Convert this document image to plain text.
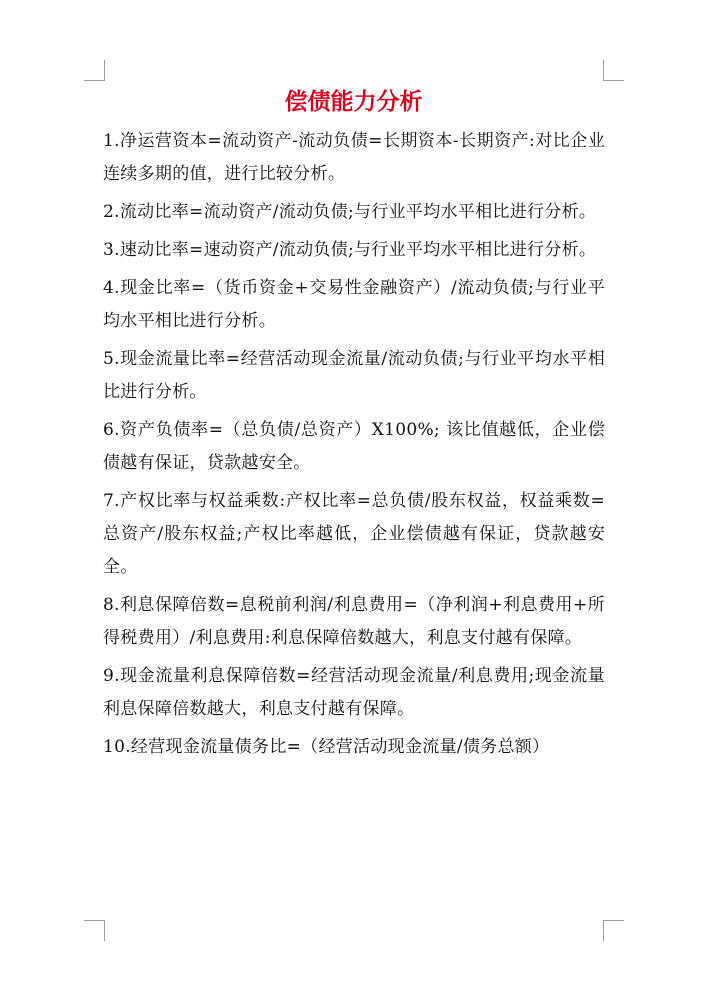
偿债能力分析

1.净运营资本=流动资产-流动负债=长期资本-长期资产:对比企业连续多期的值，进行比较分析。

2.流动比率=流动资产/流动负债;与行业平均水平相比进行分析。

3.速动比率=速动资产/流动负债;与行业平均水平相比进行分析。

4.现金比率=（货币资金+交易性金融资产）/流动负债;与行业平均水平相比进行分析。

5.现金流量比率=经营活动现金流量/流动负债;与行业平均水平相比进行分析。

6.资产负债率=（总负债/总资产）X100%; 该比值越低，企业偿债越有保证，贷款越安全。

7.产权比率与权益乘数:产权比率=总负债/股东权益，权益乘数=总资产/股东权益;产权比率越低，企业偿债越有保证，贷款越安全。

8.利息保障倍数=息税前利润/利息费用=（净利润+利息费用+所得税费用）/利息费用:利息保障倍数越大，利息支付越有保障。

9.现金流量利息保障倍数=经营活动现金流量/利息费用;现金流量利息保障倍数越大，利息支付越有保障。

10.经营现金流量债务比=（经营活动现金流量/债务总额）
